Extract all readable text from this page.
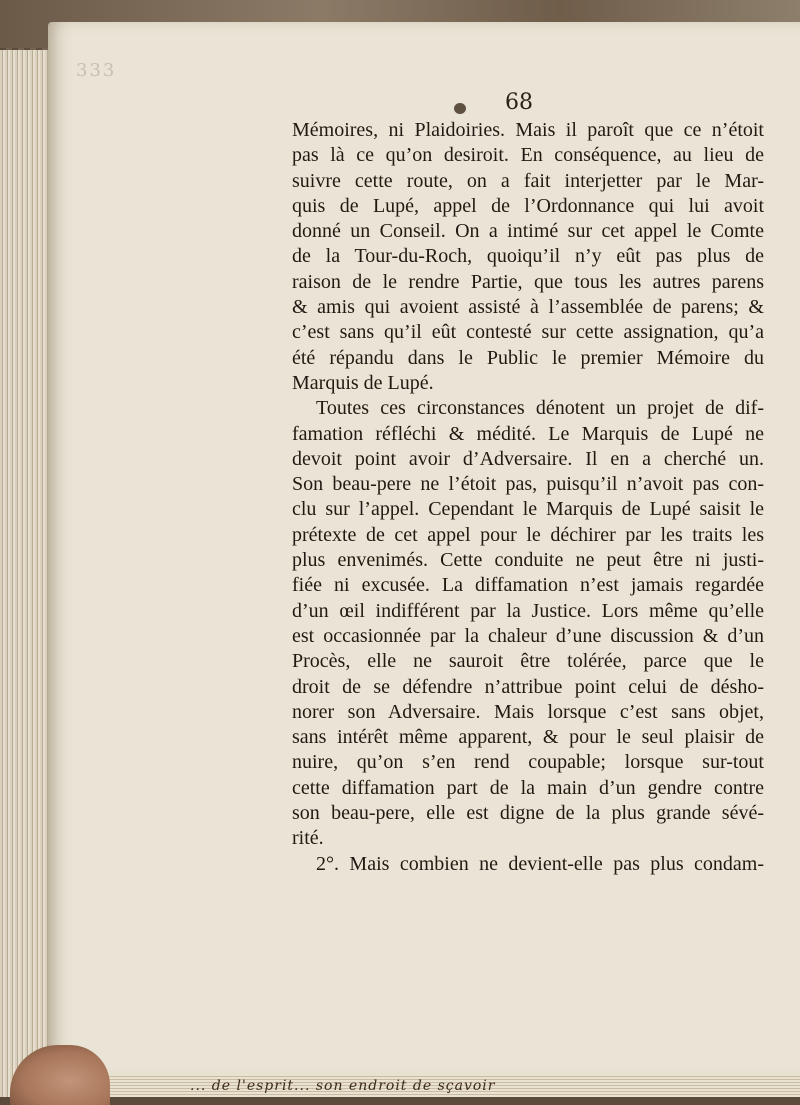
... de l'esprit... son endroit de sçavoir
333
68
Mémoires, ni Plaidoiries. Mais il paroît que ce n’étoit
pas là ce qu’on desiroit. En conséquence, au lieu de
suivre cette route, on a fait interjetter par le Mar-
quis de Lupé, appel de l’Ordonnance qui lui avoit
donné un Conseil. On a intimé sur cet appel le Comte
de la Tour-du-Roch, quoiqu’il n’y eût pas plus de
raison de le rendre Partie, que tous les autres parens
& amis qui avoient assisté à l’assemblée de parens; &
c’est sans qu’il eût contesté sur cette assignation, qu’a
été répandu dans le Public le premier Mémoire du
Marquis de Lupé.
Toutes ces circonstances dénotent un projet de dif-
famation réfléchi & médité. Le Marquis de Lupé ne
devoit point avoir d’Adversaire. Il en a cherché un.
Son beau-pere ne l’étoit pas, puisqu’il n’avoit pas con-
clu sur l’appel. Cependant le Marquis de Lupé saisit le
prétexte de cet appel pour le déchirer par les traits les
plus envenimés. Cette conduite ne peut être ni justi-
fiée ni excusée. La diffamation n’est jamais regardée
d’un œil indifférent par la Justice. Lors même qu’elle
est occasionnée par la chaleur d’une discussion & d’un
Procès, elle ne sauroit être tolérée, parce que le
droit de se défendre n’attribue point celui de désho-
norer son Adversaire. Mais lorsque c’est sans objet,
sans intérêt même apparent, & pour le seul plaisir de
nuire, qu’on s’en rend coupable; lorsque sur-tout
cette diffamation part de la main d’un gendre contre
son beau-pere, elle est digne de la plus grande sévé-
rité.
2°. Mais combien ne devient-elle pas plus condam-
